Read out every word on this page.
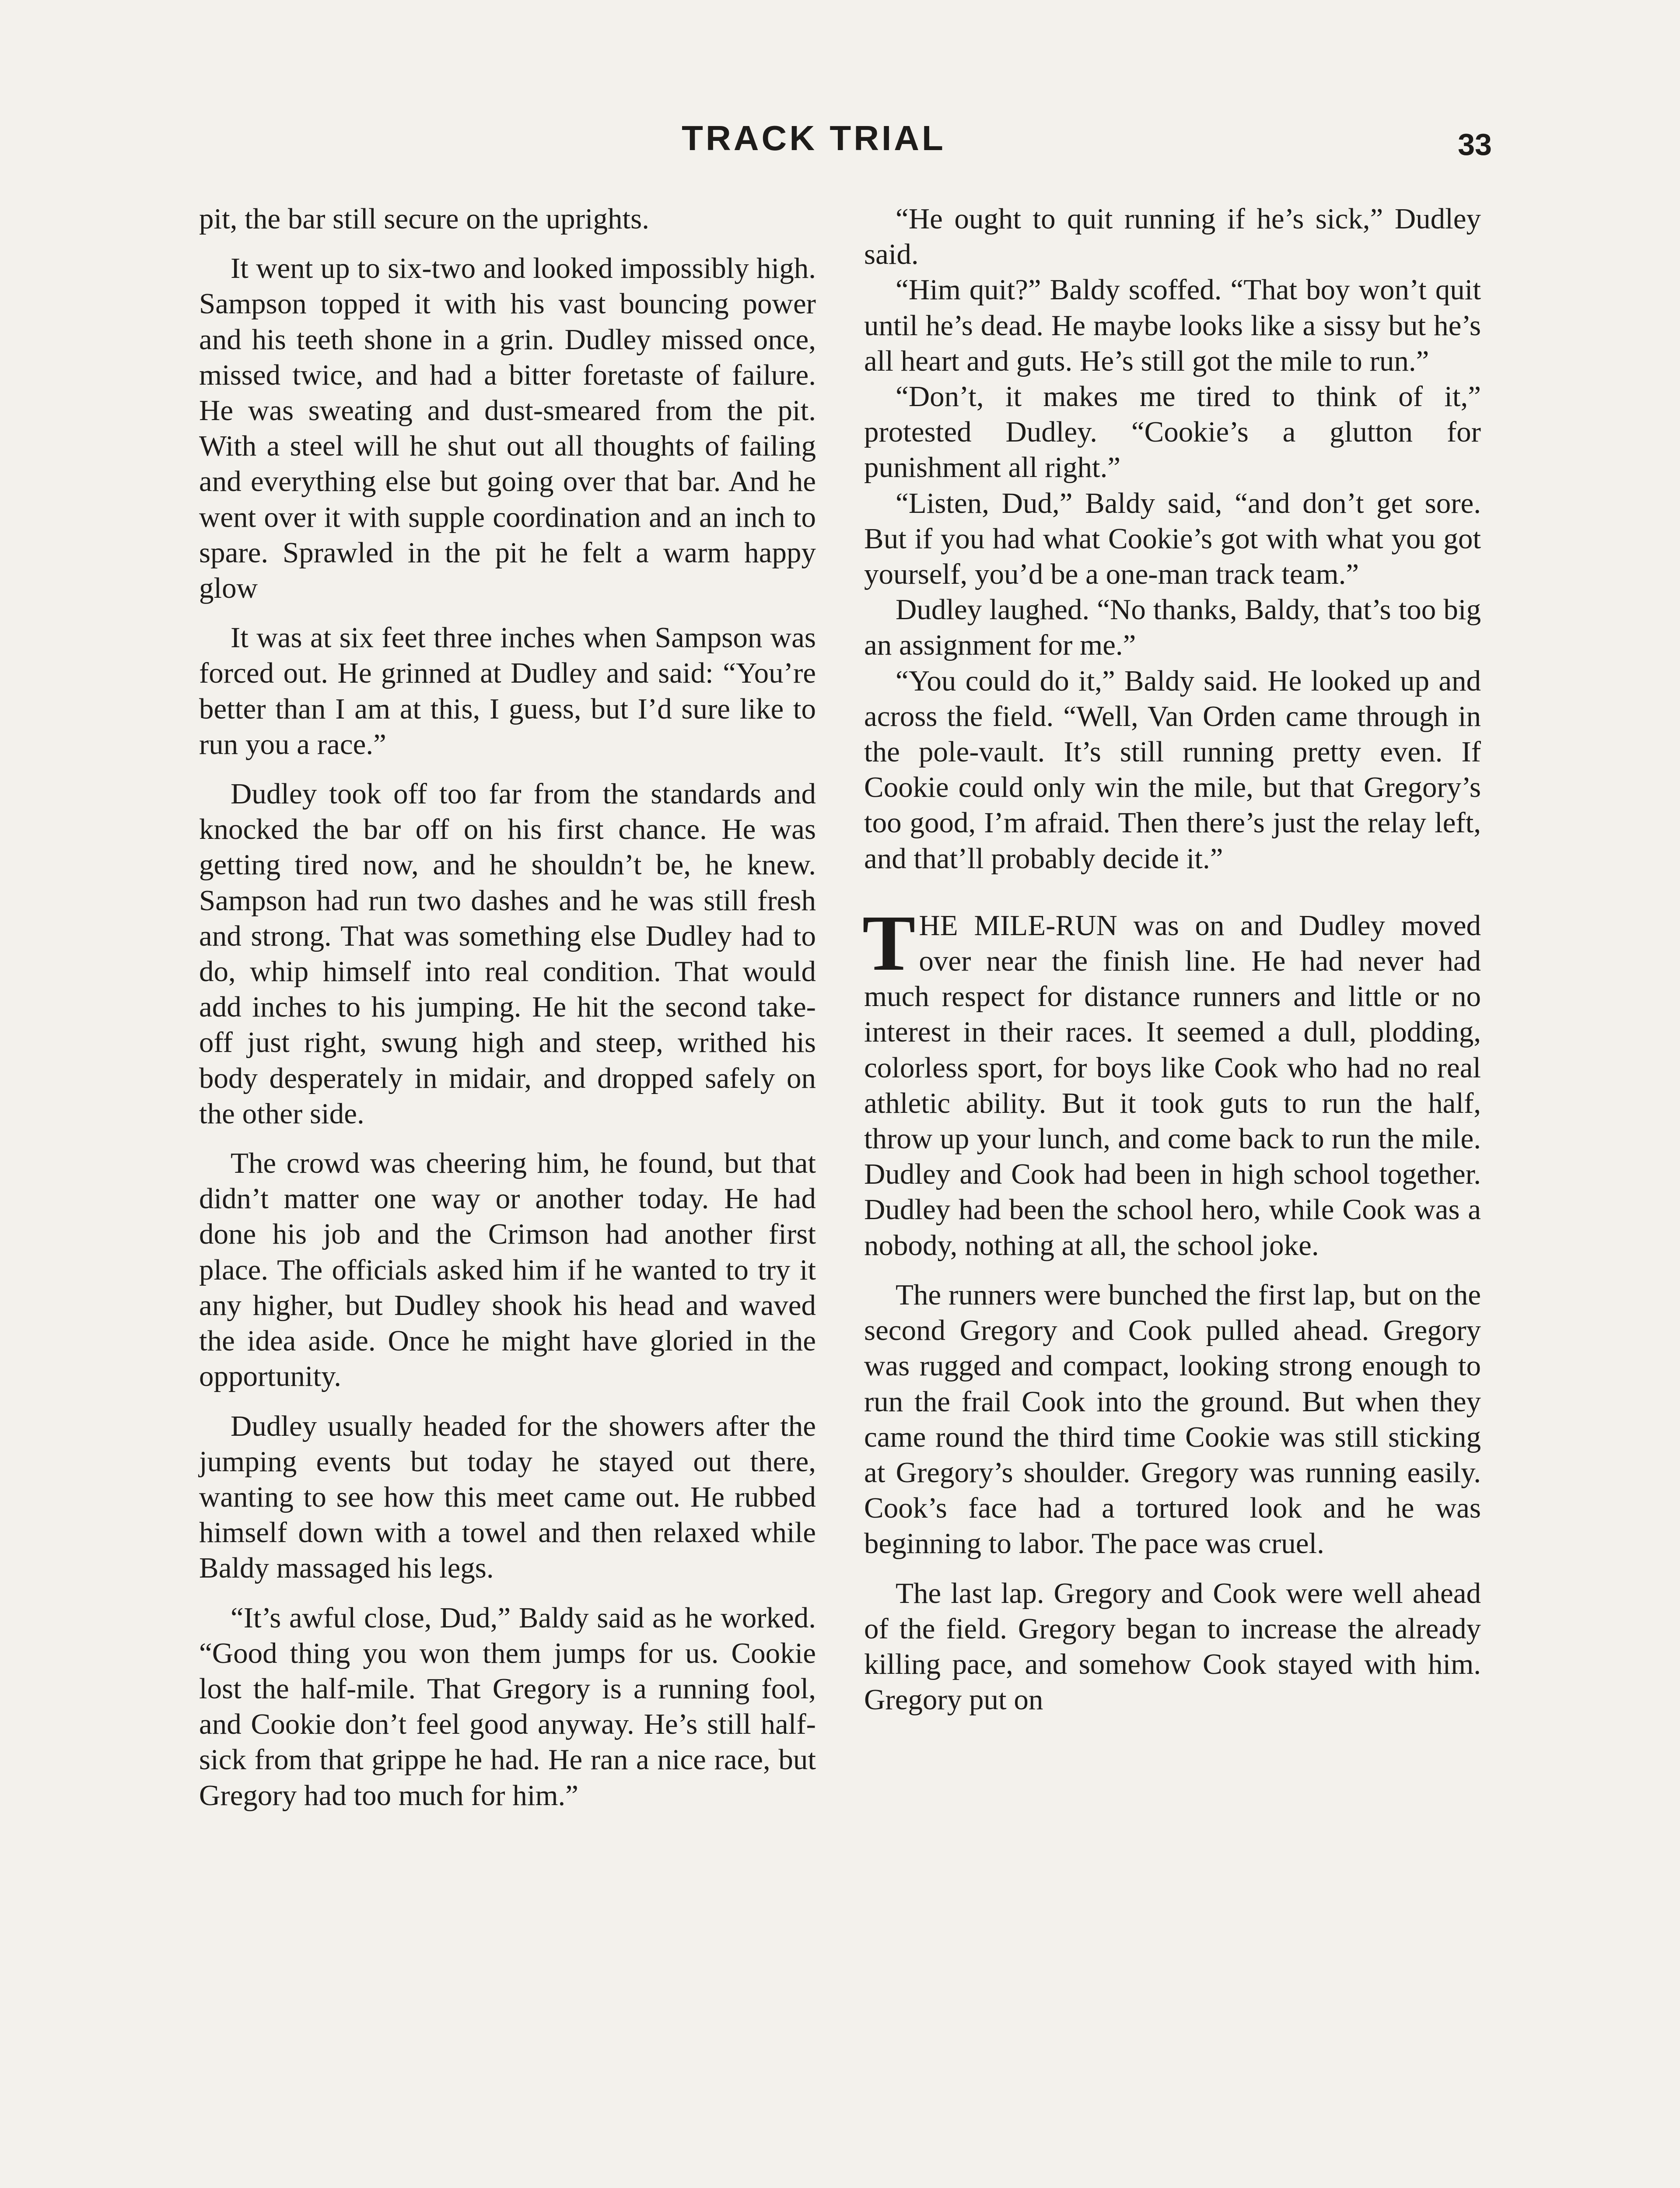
TRACK TRIAL	33

pit, the bar still secure on the uprights.

It went up to six-two and looked impossibly high. Sampson topped it with his vast bouncing power and his teeth shone in a grin. Dudley missed once, missed twice, and had a bitter foretaste of failure. He was sweating and dust-smeared from the pit. With a steel will he shut out all thoughts of failing and everything else but going over that bar. And he went over it with supple coordination and an inch to spare. Sprawled in the pit he felt a warm happy glow

It was at six feet three inches when Sampson was forced out. He grinned at Dudley and said: “You’re better than I am at this, I guess, but I’d sure like to run you a race.”

Dudley took off too far from the standards and knocked the bar off on his first chance. He was getting tired now, and he shouldn’t be, he knew. Sampson had run two dashes and he was still fresh and strong. That was something else Dudley had to do, whip himself into real condition. That would add inches to his jumping. He hit the second take-off just right, swung high and steep, writhed his body desperately in midair, and dropped safely on the other side.

The crowd was cheering him, he found, but that didn’t matter one way or another today. He had done his job and the Crimson had another first place. The officials asked him if he wanted to try it any higher, but Dudley shook his head and waved the idea aside. Once he might have gloried in the opportunity.

Dudley usually headed for the showers after the jumping events but today he stayed out there, wanting to see how this meet came out. He rubbed himself down with a towel and then relaxed while Baldy massaged his legs.

“It’s awful close, Dud,” Baldy said as he worked. “Good thing you won them jumps for us. Cookie lost the half-mile. That Gregory is a running fool, and Cookie don’t feel good anyway. He’s still half-sick from that grippe he had. He ran a nice race, but Gregory had too much for him.”

“He ought to quit running if he’s sick,” Dudley said.

“Him quit?” Baldy scoffed. “That boy won’t quit until he’s dead. He maybe looks like a sissy but he’s all heart and guts. He’s still got the mile to run.”

“Don’t, it makes me tired to think of it,” protested Dudley. “Cookie’s a glutton for punishment all right.”

“Listen, Dud,” Baldy said, “and don’t get sore. But if you had what Cookie’s got with what you got yourself, you’d be a one-man track team.”

Dudley laughed. “No thanks, Baldy, that’s too big an assignment for me.”

“You could do it,” Baldy said. He looked up and across the field. “Well, Van Orden came through in the pole-vault. It’s still running pretty even. If Cookie could only win the mile, but that Gregory’s too good, I’m afraid. Then there’s just the relay left, and that’ll probably decide it.”

THE MILE-RUN was on and Dudley moved over near the finish line. He had never had much respect for distance runners and little or no interest in their races. It seemed a dull, plodding, colorless sport, for boys like Cook who had no real athletic ability. But it took guts to run the half, throw up your lunch, and come back to run the mile. Dudley and Cook had been in high school together. Dudley had been the school hero, while Cook was a nobody, nothing at all, the school joke.

The runners were bunched the first lap, but on the second Gregory and Cook pulled ahead. Gregory was rugged and compact, looking strong enough to run the frail Cook into the ground. But when they came round the third time Cookie was still sticking at Gregory’s shoulder. Gregory was running easily. Cook’s face had a tortured look and he was beginning to labor. The pace was cruel.

The last lap. Gregory and Cook were well ahead of the field. Gregory began to increase the already killing pace, and somehow Cook stayed with him. Gregory put on
